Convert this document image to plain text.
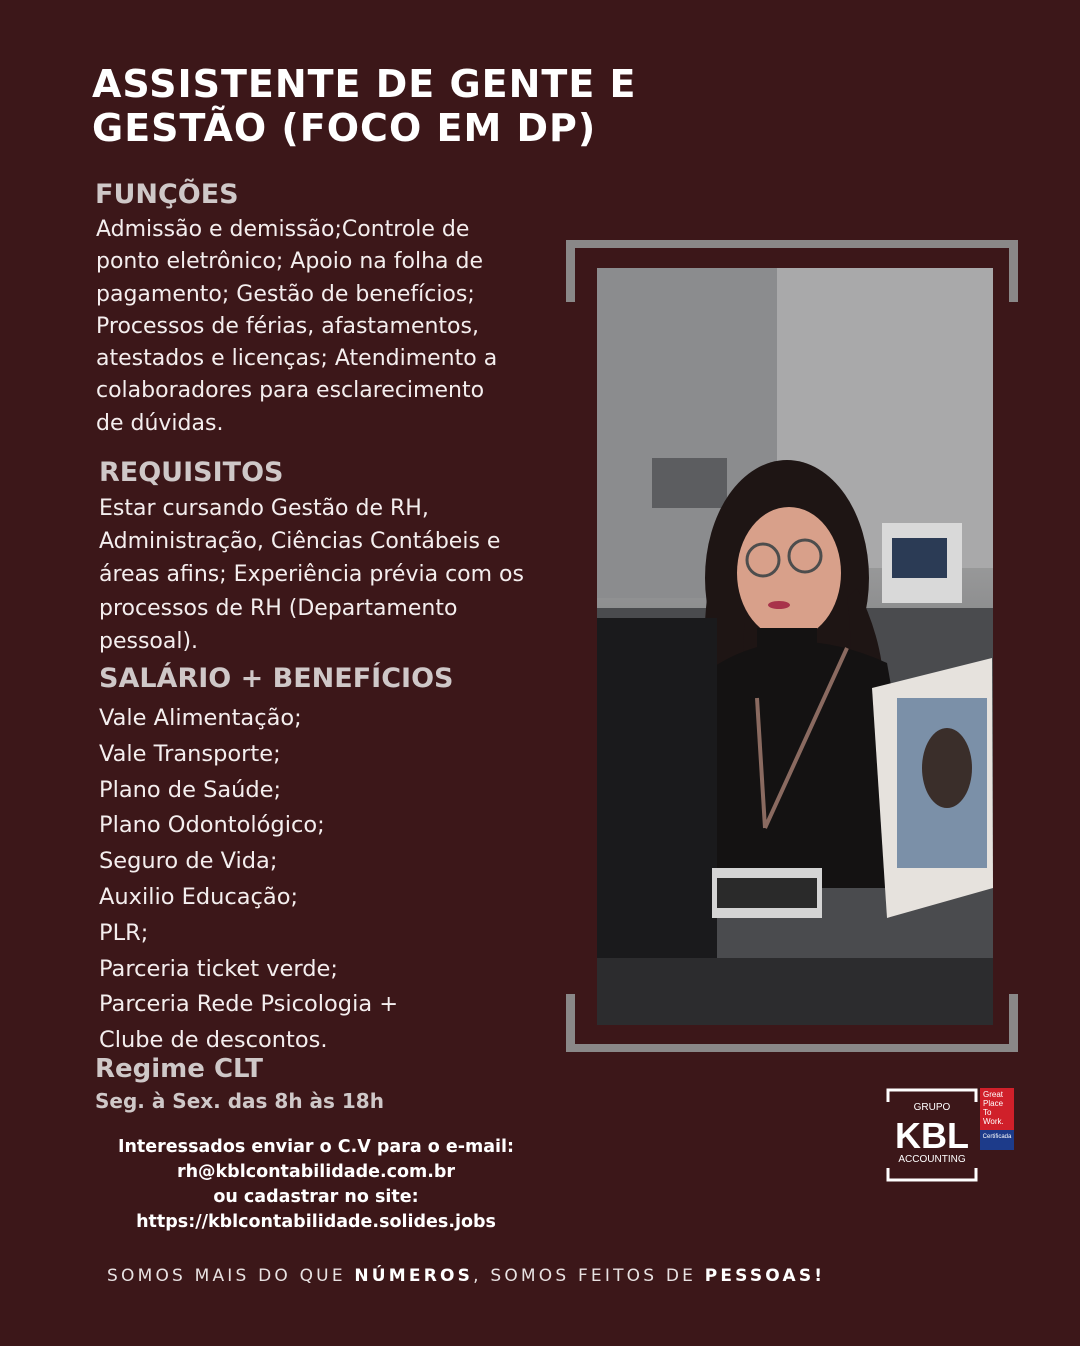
ASSISTENTE DE GENTE E
GESTÃO (FOCO EM DP)
FUNÇÕES
Admissão e demissão;Controle de
ponto eletrônico; Apoio na folha de
pagamento; Gestão de benefícios;
Processos de férias, afastamentos,
atestados e licenças; Atendimento a
colaboradores para esclarecimento
de dúvidas.
REQUISITOS
Estar cursando Gestão de RH,
Administração, Ciências Contábeis e
áreas afins; Experiência prévia com os
processos de RH (Departamento
pessoal).
SALÁRIO + BENEFÍCIOS
Vale Alimentação;
Vale Transporte;
Plano de Saúde;
Plano Odontológico;
Seguro de Vida;
Auxilio Educação;
PLR;
Parceria ticket verde;
Parceria Rede Psicologia +
Clube de descontos.
Regime CLT
Seg. à Sex. das 8h às 18h
Interessados enviar o C.V para o e-mail:
rh@kblcontabilidade.com.br
ou cadastrar no site:
https://kblcontabilidade.solides.jobs
SOMOS MAIS DO QUE NÚMEROS, SOMOS FEITOS DE PESSOAS!
GRUPO
KBL
ACCOUNTING
Great Place To Work.
Certificada
